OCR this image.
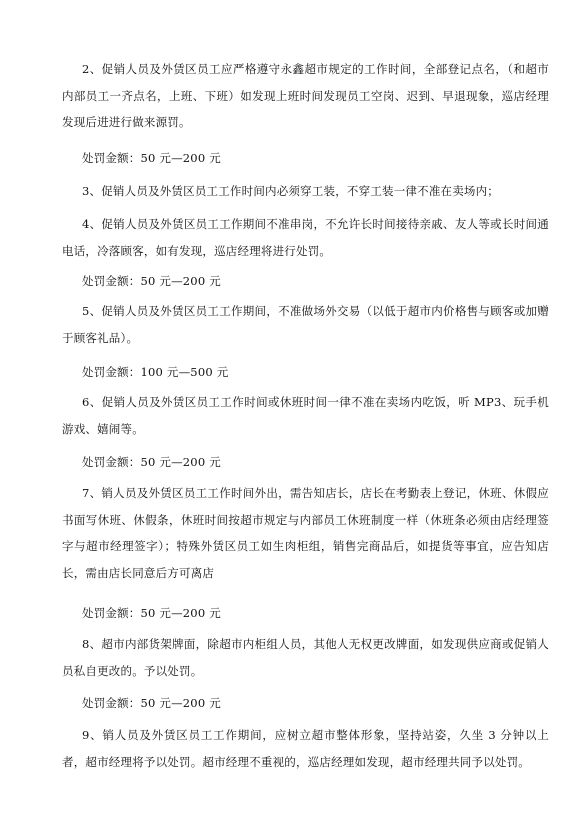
2、促销人员及外赁区员工应严格遵守永鑫超市规定的工作时间，全部登记点名，（和超市内部员工一齐点名，上班、下班）如发现上班时间发现员工空岗、迟到、早退现象，巡店经理发现后进进行做来源罚。

处罚金额：50 元—200 元

3、促销人员及外赁区员工工作时间内必须穿工装，不穿工装一律不准在卖场内；

4、促销人员及外赁区员工工作期间不准串岗，不允许长时间接待亲戚、友人等或长时间通电话，冷落顾客，如有发现，巡店经理将进行处罚。

处罚金额：50 元—200 元

5、促销人员及外赁区员工工作期间，不准做场外交易（以低于超市内价格售与顾客或加赠于顾客礼品）。

处罚金额：100 元—500 元

6、促销人员及外赁区员工工作时间或休班时间一律不准在卖场内吃饭，听 MP3、玩手机游戏、嬉闹等。

处罚金额：50 元—200 元

7、销人员及外赁区员工工作时间外出，需告知店长，店长在考勤表上登记，休班、休假应书面写休班、休假条，休班时间按超市规定与内部员工休班制度一样（休班条必须由店经理签字与超市经理签字）；特殊外赁区员工如生肉柜组，销售完商品后，如提货等事宜，应告知店长，需由店长同意后方可离店

处罚金额：50 元—200 元

8、超市内部货架牌面，除超市内柜组人员，其他人无权更改牌面，如发现供应商或促销人员私自更改的。予以处罚。

处罚金额：50 元—200 元

9、销人员及外赁区员工工作期间，应树立超市整体形象，坚持站姿，久坐 3 分钟以上者，超市经理将予以处罚。超市经理不重视的，巡店经理如发现，超市经理共同予以处罚。
